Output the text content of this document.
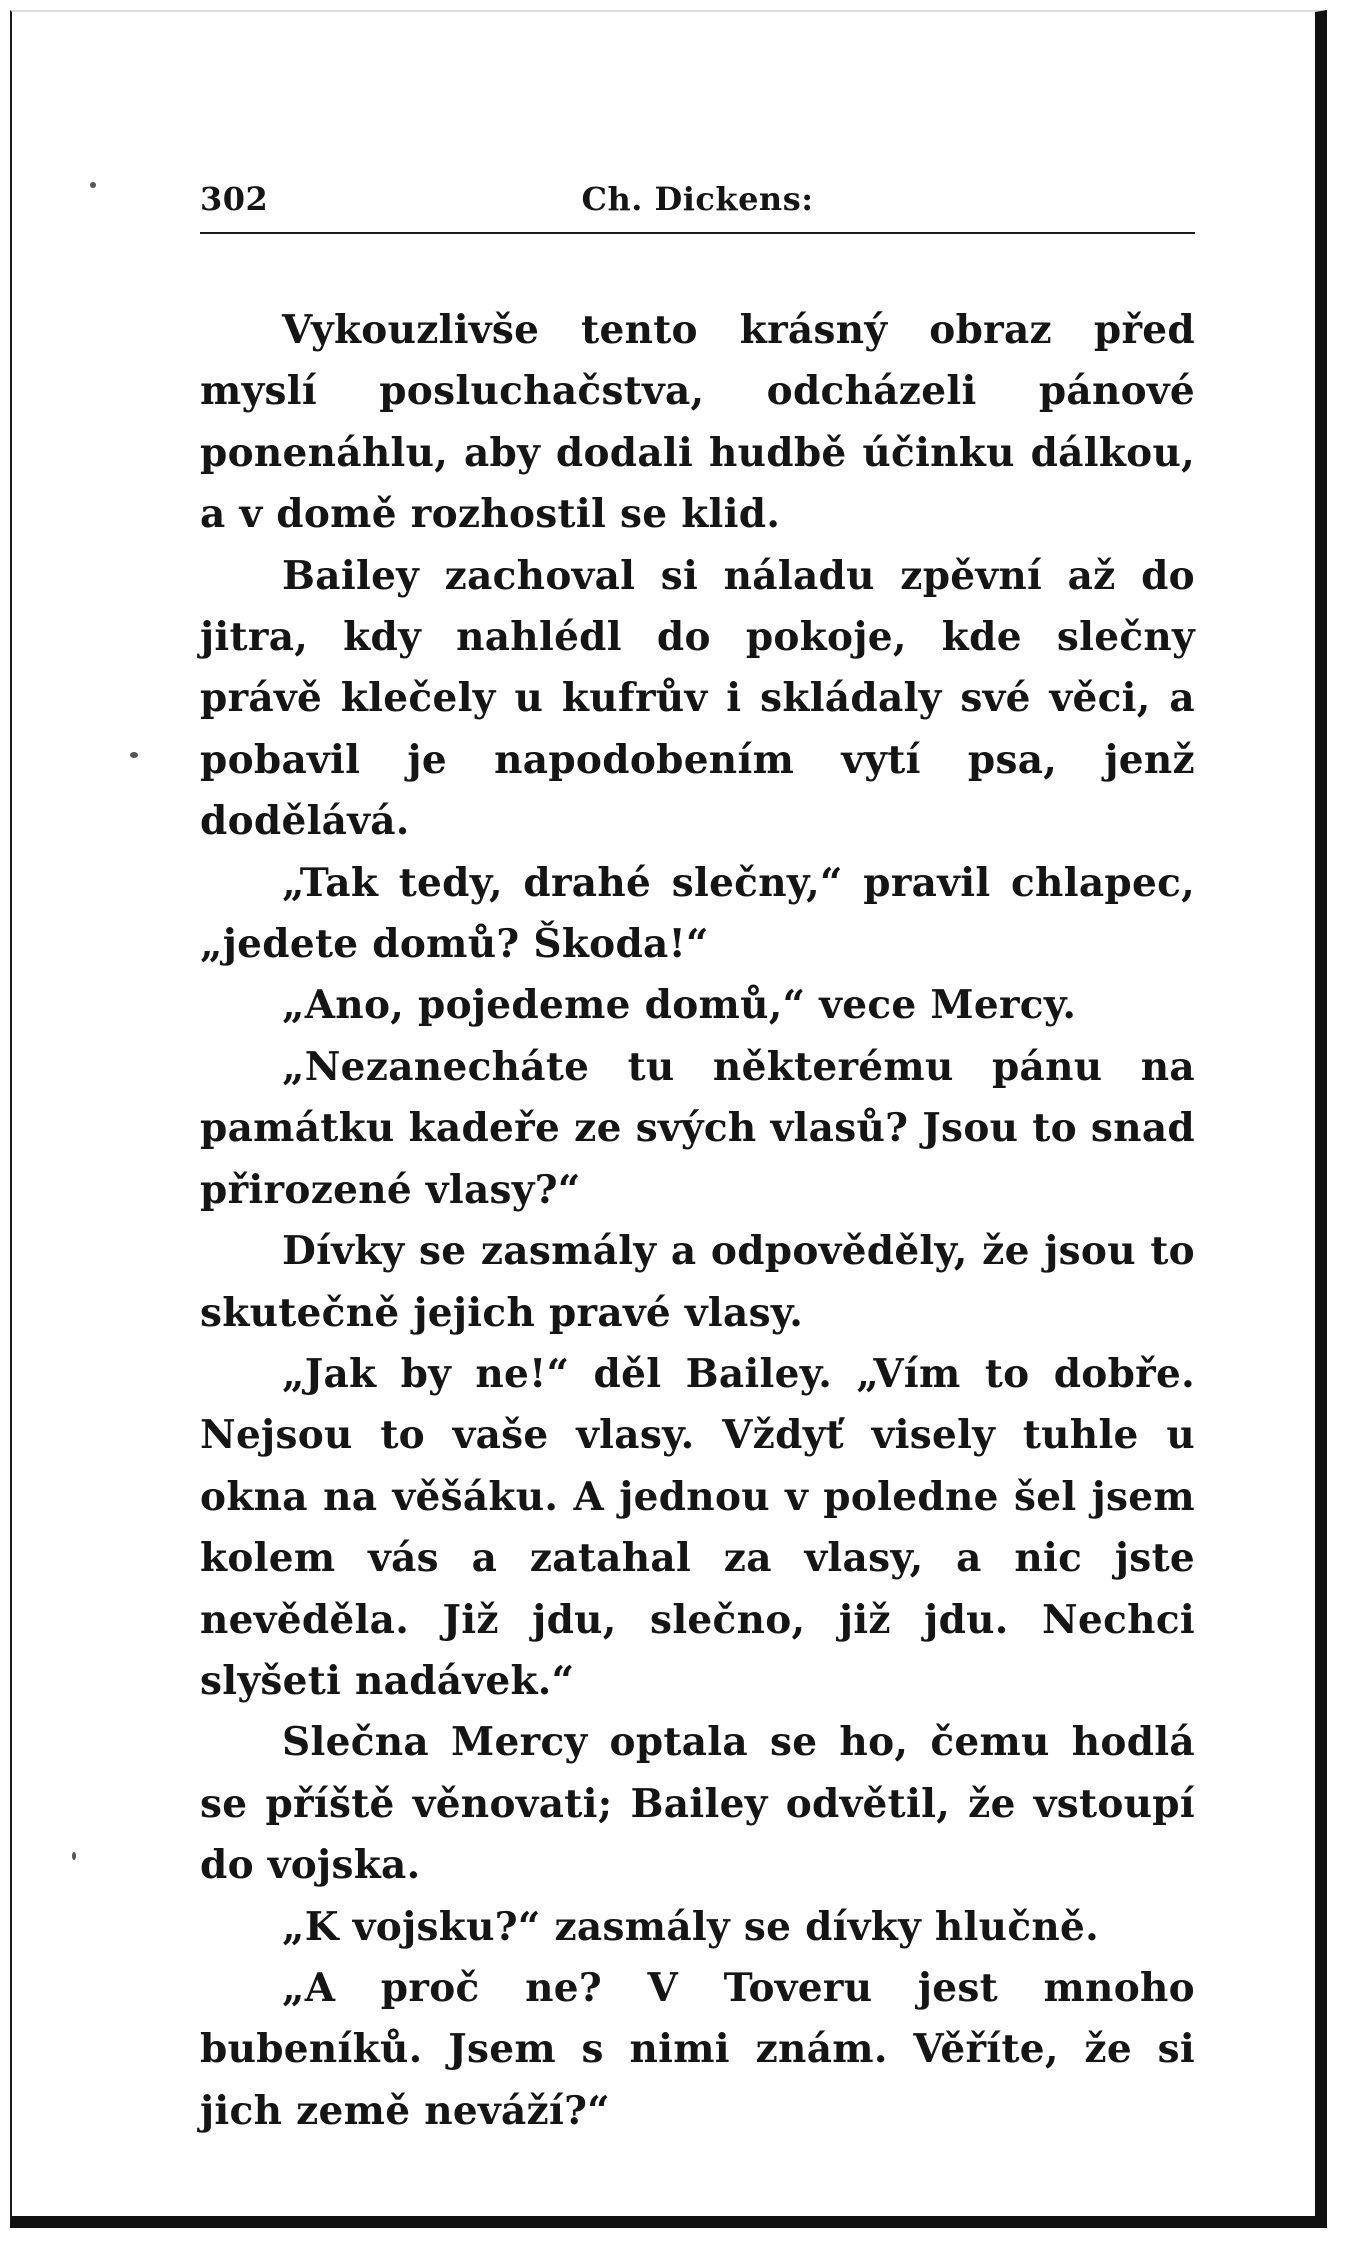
302	Ch. Dickens:

Vykouzlivše tento krásný obraz před myslí posluchačstva, odcházeli pánové ponenáhlu, aby dodali hudbě účinku dálkou, a v domě rozhostil se klid.

Bailey zachoval si náladu zpěvní až do jitra, kdy nahlédl do pokoje, kde slečny právě klečely u kufrův i skládaly své věci, a pobavil je napodobením vytí psa, jenž dodělává.

„Tak tedy, drahé slečny,“ pravil chlapec, „jedete domů? Škoda!“

„Ano, pojedeme domů,“ vece Mercy.

„Nezanecháte tu některému pánu na památku kadeře ze svých vlasů? Jsou to snad přirozené vlasy?“

Dívky se zasmály a odpověděly, že jsou to skutečně jejich pravé vlasy.

„Jak by ne!“ děl Bailey. „Vím to dobře. Nejsou to vaše vlasy. Vždyť visely tuhle u okna na věšáku. A jednou v poledne šel jsem kolem vás a zatahal za vlasy, a nic jste nevěděla. Již jdu, slečno, již jdu. Nechci slyšeti nadávek.“

Slečna Mercy optala se ho, čemu hodlá se příště věnovati; Bailey odvětil, že vstoupí do vojska.

„K vojsku?“ zasmály se dívky hlučně.

„A proč ne? V Toveru jest mnoho bubeníků. Jsem s nimi znám. Věříte, že si jich země neváží?“
